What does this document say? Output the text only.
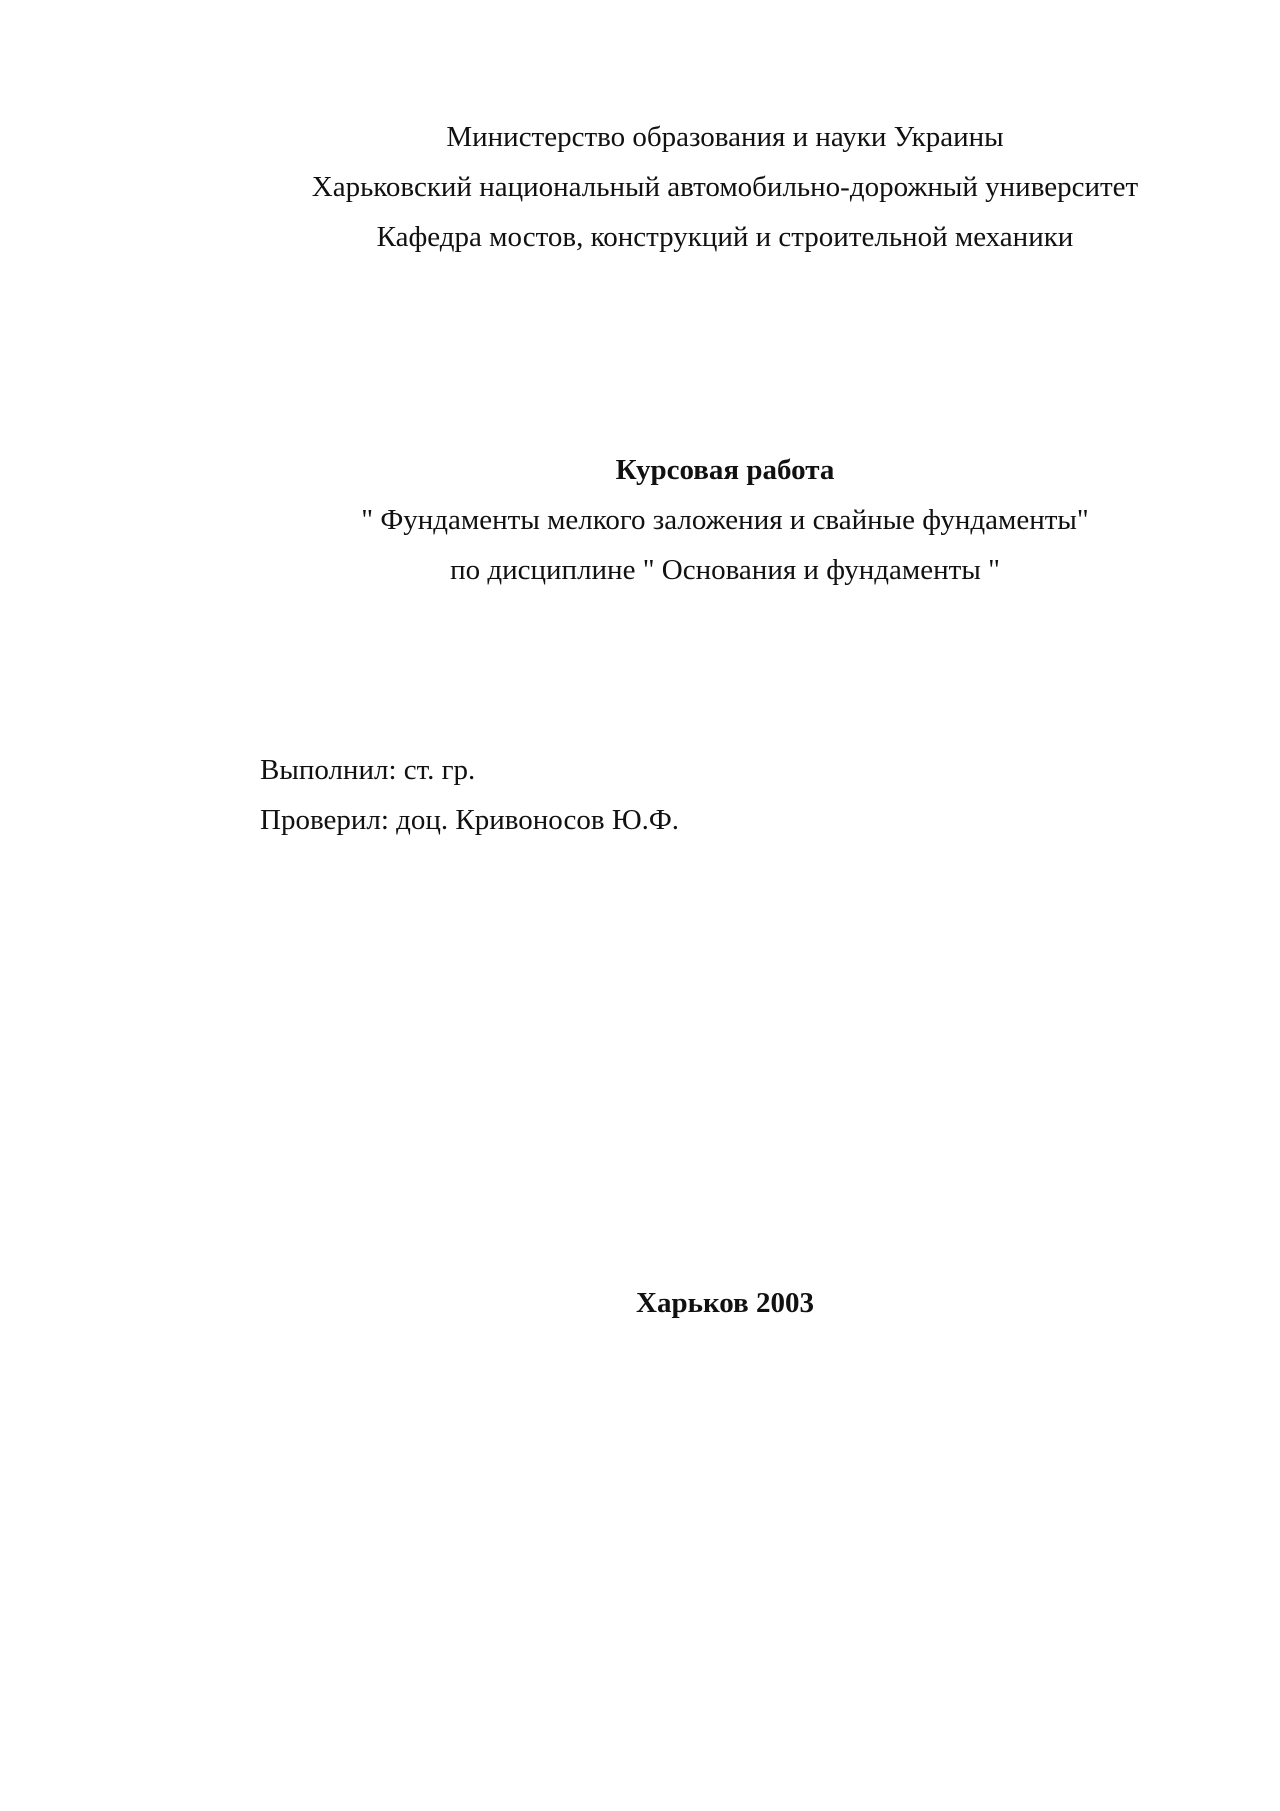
Министерство образования и науки Украины
Харьковский национальный автомобильно-дорожный университет
Кафедра мостов, конструкций и строительной механики
Курсовая работа
" Фундаменты мелкого заложения и свайные фундаменты"
по дисциплине " Основания и фундаменты "
Выполнил: ст. гр.
Проверил: доц. Кривоносов Ю.Ф.
Харьков 2003
